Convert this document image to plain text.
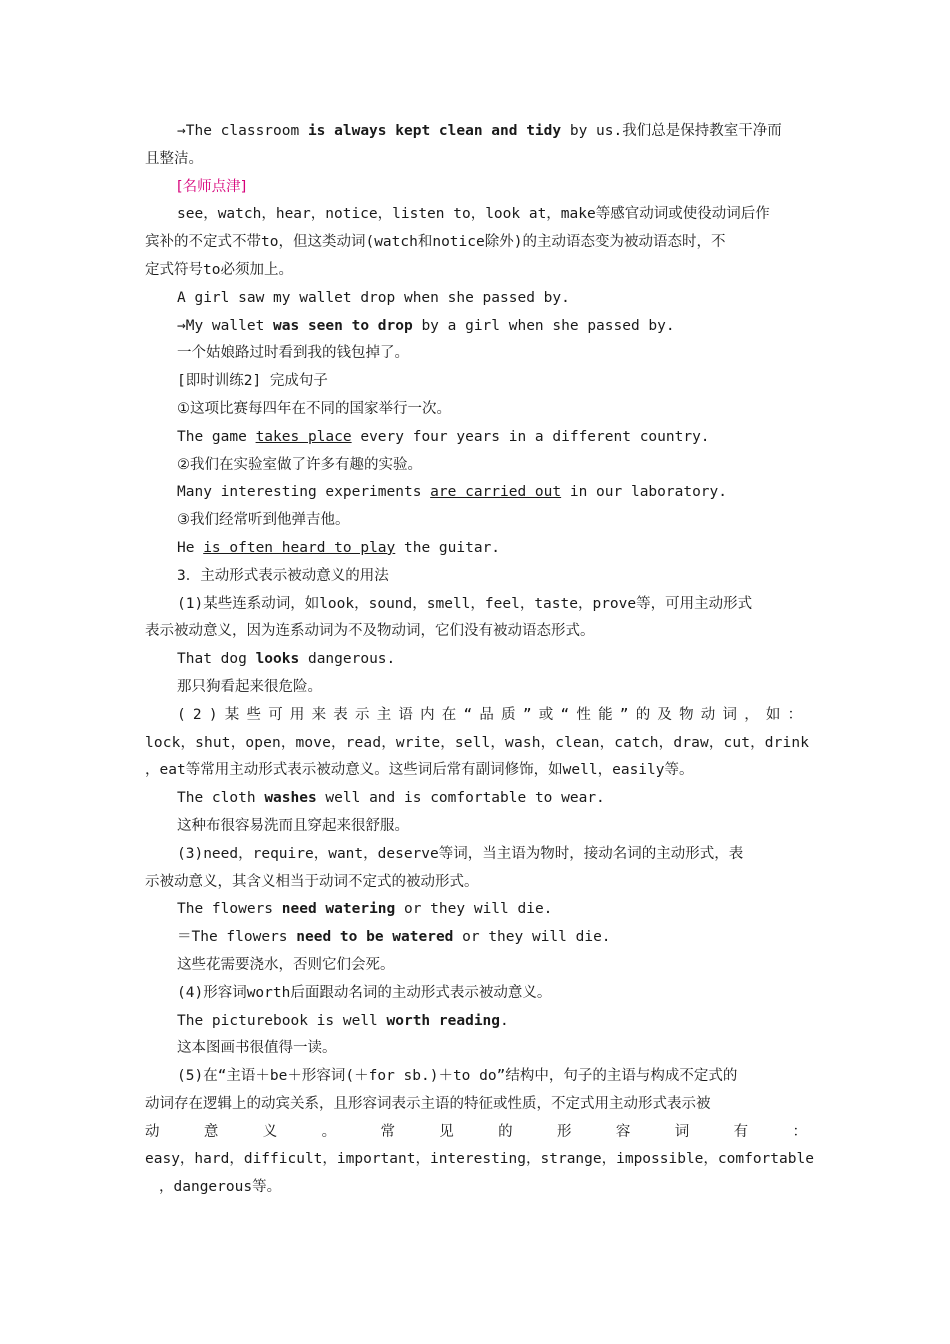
→The classroom is always kept clean and tidy by us.我们总是保持教室干净而
且整洁。
[名师点津]
see，watch，hear，notice，listen to，look at，make等感官动词或使役动词后作
宾补的不定式不带to，但这类动词(watch和notice除外)的主动语态变为被动语态时，不
定式符号to必须加上。
A girl saw my wallet drop when she passed by.
→My wallet was seen to drop by a girl when she passed by.
一个姑娘路过时看到我的钱包掉了。
[即时训练2] 完成句子
①这项比赛每四年在不同的国家举行一次。
The game takes place every four years in a different country.
②我们在实验室做了许多有趣的实验。
Many interesting experiments are carried out in our laboratory.
③我们经常听到他弹吉他。
He is often heard to play the guitar.
3．主动形式表示被动意义的用法
(1)某些连系动词，如look，sound，smell，feel，taste，prove等，可用主动形式
表示被动意义，因为连系动词为不及物动词，它们没有被动语态形式。
That dog looks dangerous.
那只狗看起来很危险。
(2)某些可用来表示主语内在“品质”或“性能”的及物动词，如：
lock，shut，open，move，read，write，sell，wash，clean，catch，draw，cut，drink
，eat等常用主动形式表示被动意义。这些词后常有副词修饰，如well，easily等。
The cloth washes well and is comfortable to wear.
这种布很容易洗而且穿起来很舒服。
(3)need，require，want，deserve等词，当主语为物时，接动名词的主动形式，表
示被动意义，其含义相当于动词不定式的被动形式。
The flowers need watering or they will die.
＝The flowers need to be watered or they will die.
这些花需要浇水，否则它们会死。
(4)形容词worth后面跟动名词的主动形式表示被动意义。
The picturebook is well worth reading.
这本图画书很值得一读。
(5)在“主语＋be＋形容词(＋for sb.)＋to do”结构中，句子的主语与构成不定式的
动词存在逻辑上的动宾关系，且形容词表示主语的特征或性质，不定式用主动形式表示被
动	意	义	。	常	见	的	形	容	词	有	：
easy，hard，difficult，important，interesting，strange，impossible，comfortable
，dangerous等。
